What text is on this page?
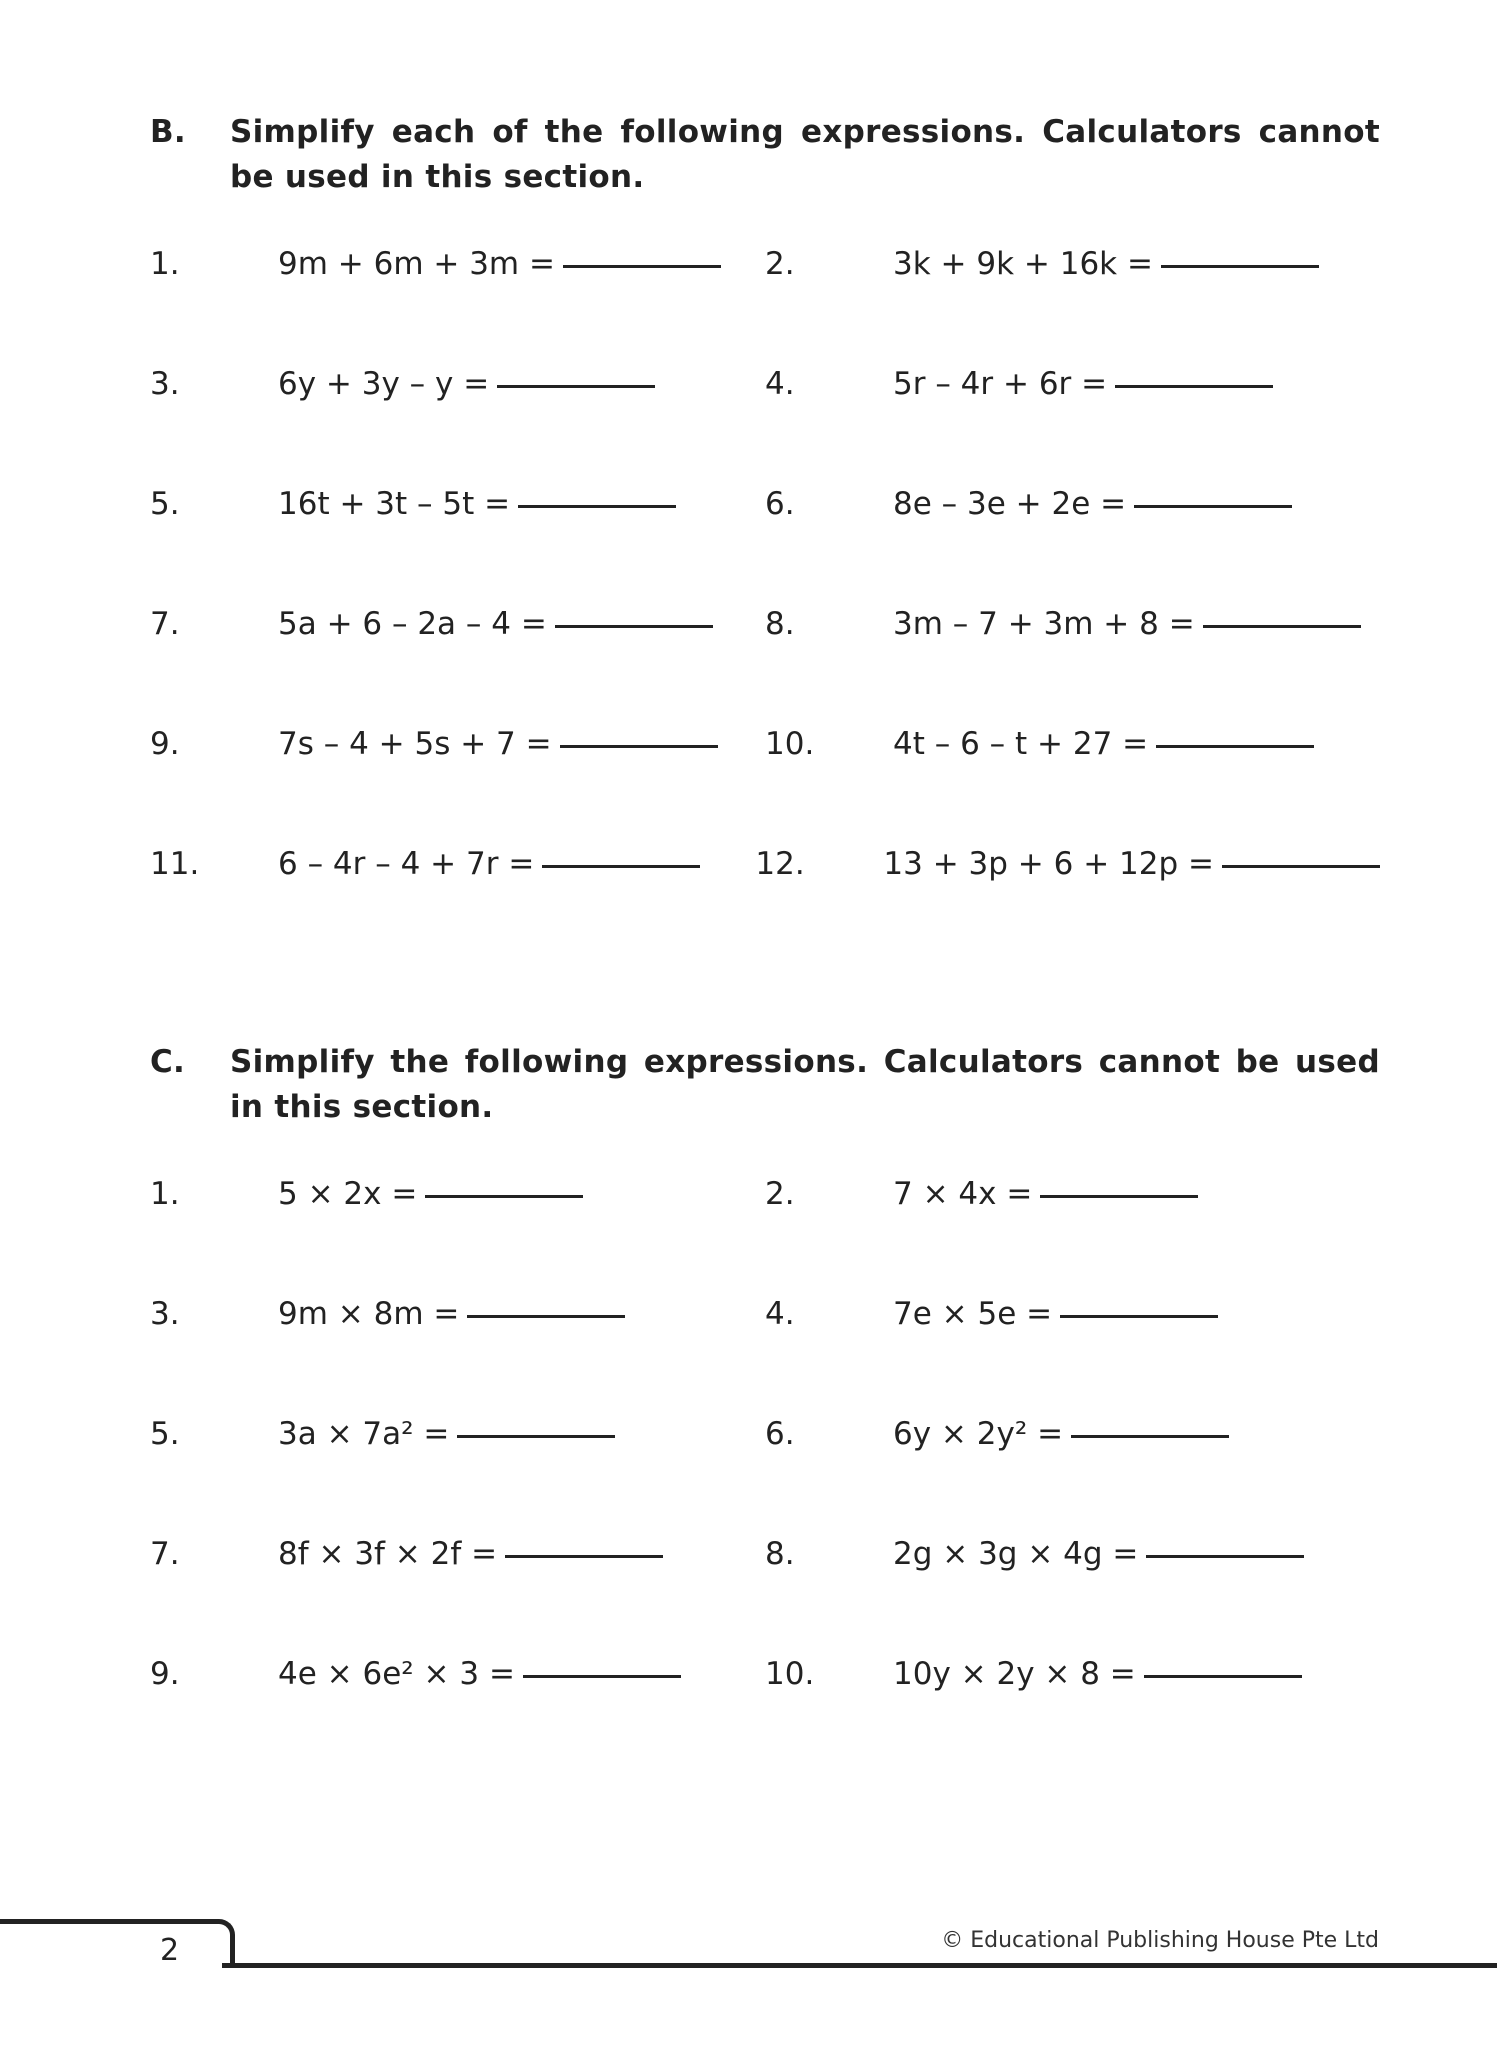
B.	Simplify each of the following expressions. Calculators cannot be used in this section.
1.	9m + 6m + 3m =	2.	3k + 9k + 16k =
3.	6y + 3y – y =	4.	5r – 4r + 6r =
5.	16t + 3t – 5t =	6.	8e – 3e + 2e =
7.	5a + 6 – 2a – 4 =	8.	3m – 7 + 3m + 8 =
9.	7s – 4 + 5s + 7 =	10.	4t – 6 – t + 27 =
11.	6 – 4r – 4 + 7r =	12.	13 + 3p + 6 + 12p =
C.	Simplify the following expressions. Calculators cannot be used in this section.
1.	5 × 2x =	2.	7 × 4x =
3.	9m × 8m =	4.	7e × 5e =
5.	3a × 7a² =	6.	6y × 2y² =
7.	8f × 3f × 2f =	8.	2g × 3g × 4g =
9.	4e × 6e² × 3 =	10.	10y × 2y × 8 =
2	© Educational Publishing House Pte Ltd
